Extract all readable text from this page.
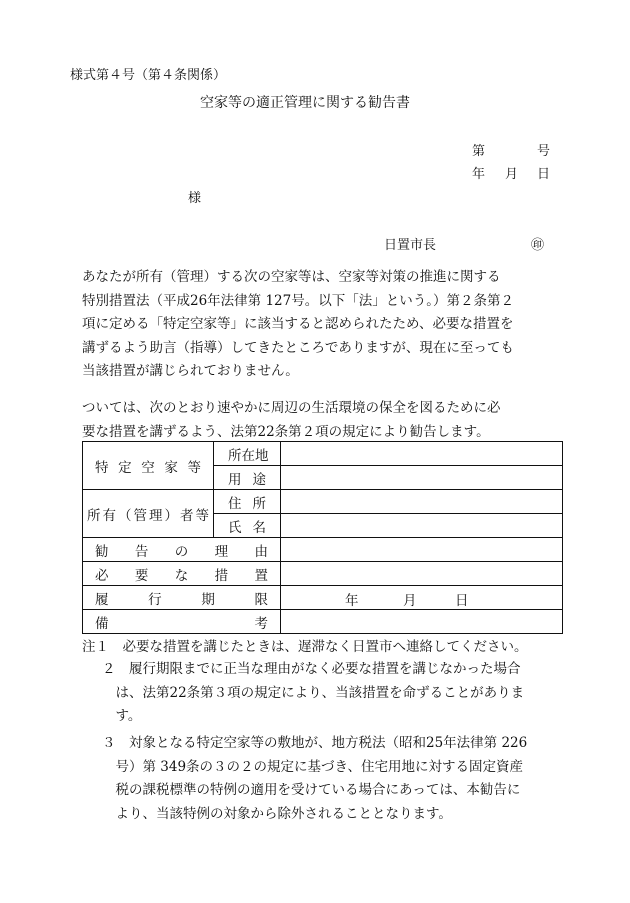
様式第４号（第４条関係）
空家等の適正管理に関する勧告書
第	号
年 月 日
様
日置市長	㊞
あなたが所有（管理）する次の空家等は、空家等対策の推進に関する
特別措置法（平成26年法律第 127号。以下「法」という。）第２条第２
項に定める「特定空家等」に該当すると認められたため、必要な措置を
講ずるよう助言（指導）してきたところでありますが、現在に至っても
当該措置が講じられておりません。
ついては、次のとおり速やかに周辺の生活環境の保全を図るために必
要な措置を講ずるよう、法第22条第２項の規定により勧告します。
特定空家等	所在地	
	用途	

所有（管理）者等	住所	
	氏名	
勧告の理由		
必要な措置		
履行期限		年 月 日

備考		
注１　必要な措置を講じたときは、遅滞なく日置市へ連絡してください。
２　履行期限までに正当な理由がなく必要な措置を講じなかった場合
　は、法第22条第３項の規定により、当該措置を命ずることがありま
　す。
３　対象となる特定空家等の敷地が、地方税法（昭和25年法律第 226
　号）第 349条の３の２の規定に基づき、住宅用地に対する固定資産
　税の課税標準の特例の適用を受けている場合にあっては、本勧告に
　より、当該特例の対象から除外されることとなります。
